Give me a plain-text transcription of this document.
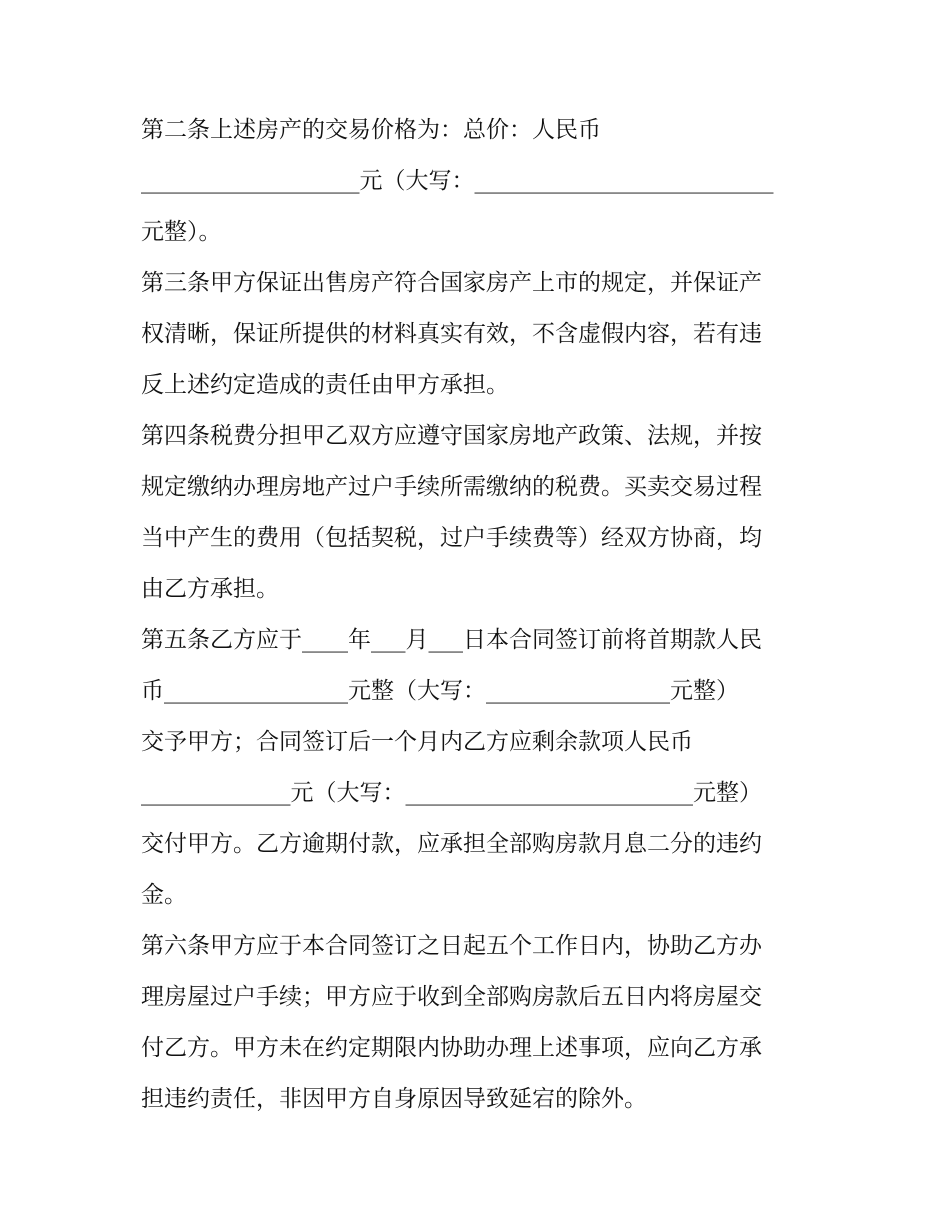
第二条上述房产的交易价格为：总价：人民币
___________________元（大写：__________________________
元整）。
第三条甲方保证出售房产符合国家房产上市的规定，并保证产
权清晰，保证所提供的材料真实有效，不含虚假内容，若有违
反上述约定造成的责任由甲方承担。
第四条税费分担甲乙双方应遵守国家房地产政策、法规，并按
规定缴纳办理房地产过户手续所需缴纳的税费。买卖交易过程
当中产生的费用（包括契税，过户手续费等）经双方协商，均
由乙方承担。
第五条乙方应于____年___月___日本合同签订前将首期款人民
币________________元整（大写：________________元整）
交予甲方；合同签订后一个月内乙方应剩余款项人民币
_____________元（大写：_________________________元整）
交付甲方。乙方逾期付款，应承担全部购房款月息二分的违约
金。
第六条甲方应于本合同签订之日起五个工作日内，协助乙方办
理房屋过户手续；甲方应于收到全部购房款后五日内将房屋交
付乙方。甲方未在约定期限内协助办理上述事项，应向乙方承
担违约责任，非因甲方自身原因导致延宕的除外。
